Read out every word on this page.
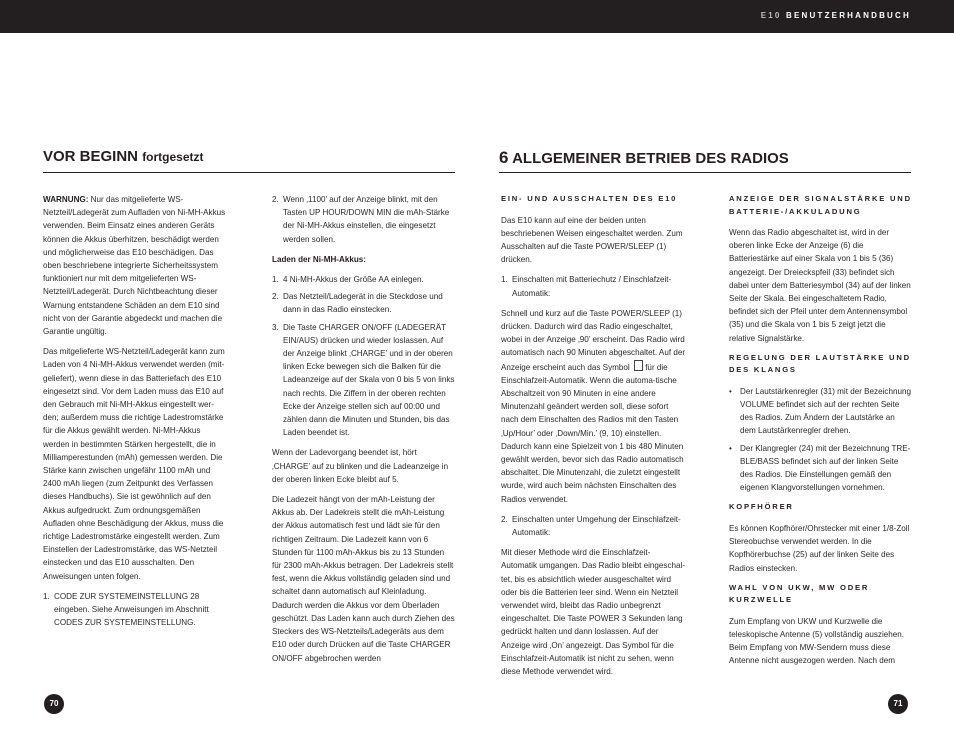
E10 BENUTZERHANDBUCH
VOR BEGINN fortgesetzt	6 ALLGEMEINER BETRIEB DES RADIOS

WARNUNG: Nur das mitgelieferte WS-Netzteil/Ladegerät zum Aufladen von Ni-MH-Akkus verwenden. Beim Einsatz eines anderen Geräts können die Akkus überhitzen, beschädigt werden und möglicherweise das E10 beschädigen. Das oben beschriebene integrierte Sicherheitssystem funktioniert nur mit dem mitgelieferten WS-Netzteil/Ladegerät. Durch Nichtbeachtung dieser Warnung entstandene Schäden an dem E10 sind nicht von der Garantie abgedeckt und machen die Garantie ungültig.

Das mitgelieferte WS-Netzteil/Ladegerät kann zum Laden von 4 Ni-MH-Akkus verwendet werden (mit-geliefert), wenn diese in das Batteriefach des E10 eingesetzt sind. Vor dem Laden muss das E10 auf den Gebrauch mit Ni-MH-Akkus eingestellt wer-den; außerdem muss die richtige Ladestromstärke für die Akkus gewählt werden. Ni-MH-Akkus werden in bestimmten Stärken hergestellt, die in Milliamperestunden (mAh) gemessen werden. Die Stärke kann zwischen ungefähr 1100 mAh und 2400 mAh liegen (zum Zeitpunkt des Verfassen dieses Handbuchs). Sie ist gewöhnlich auf den Akkus aufgedruckt. Zum ordnungsgemäßen Aufladen ohne Beschädigung der Akkus, muss die richtige Ladestromstärke eingestellt werden. Zum Einstellen der Ladestromstärke, das WS-Netzteil einstecken und das E10 ausschalten. Den Anweisungen unten folgen.

1. CODE ZUR SYSTEMEINSTELLUNG 28 eingeben. Siehe Anweisungen im Abschnitt CODES ZUR SYSTEMEINSTELLUNG.
2. Wenn ‚1100’ auf der Anzeige blinkt, mit den Tasten UP HOUR/DOWN MIN die mAh-Stärke der Ni-MH-Akkus einstellen, die eingesetzt werden sollen.

Laden der Ni-MH-Akkus:

1. 4 Ni-MH-Akkus der Größe AA einlegen.
2. Das Netzteil/Ladegerät in die Steckdose und dann in das Radio einstecken.
3. Die Taste CHARGER ON/OFF (LADEGERÄT EIN/AUS) drücken und wieder loslassen. Auf der Anzeige blinkt ‚CHARGE’ und in der oberen linken Ecke bewegen sich die Balken für die Ladeanzeige auf der Skala von 0 bis 5 von links nach rechts. Die Ziffern in der oberen rechten Ecke der Anzeige stellen sich auf 00:00 und zählen dann die Minuten und Stunden, bis das Laden beendet ist.

Wenn der Ladevorgang beendet ist, hört ‚CHARGE’ auf zu blinken und die Ladeanzeige in der oberen linken Ecke bleibt auf 5.

Die Ladezeit hängt von der mAh-Leistung der Akkus ab. Der Ladekreis stellt die mAh-Leistung der Akkus automatisch fest und lädt sie für den richtigen Zeitraum. Die Ladezeit kann von 6 Stunden für 1100 mAh-Akkus bis zu 13 Stunden für 2300 mAh-Akkus betragen. Der Ladekreis stellt fest, wenn die Akkus vollständig geladen sind und schaltet dann automatisch auf Kleinladung. Dadurch werden die Akkus vor dem Überladen geschützt. Das Laden kann auch durch Ziehen des Steckers des WS-Netzteils/Ladegeräts aus dem E10 oder durch Drücken auf die Taste CHARGER ON/OFF abgebrochen werden

EIN- UND AUSSCHALTEN DES E10

Das E10 kann auf eine der beiden unten beschriebenen Weisen eingeschaltet werden. Zum Ausschalten auf die Taste POWER/SLEEP (1) drücken.

1. Einschalten mit Batteriechutz / Einschlafzeit-Automatik:

Schnell und kurz auf die Taste POWER/SLEEP (1) drücken. Dadurch wird das Radio eingeschaltet, wobei in der Anzeige ‚90’ erscheint. Das Radio wird automatisch nach 90 Minuten abgeschaltet. Auf der Anzeige erscheint auch das Symbol für die Einschlafzeit-Automatik. Wenn die automa-tische Abschaltzeit von 90 Minuten in eine andere Minutenzahl geändert werden soll, diese sofort nach dem Einschalten des Radios mit den Tasten ‚Up/Hour’ oder ‚Down/Min.’ (9, 10) einstellen. Dadurch kann eine Spielzeit von 1 bis 480 Minuten gewählt werden, bevor sich das Radio automatisch abschaltet. Die Minutenzahl, die zuletzt eingestellt wurde, wird auch beim nächsten Einschalten des Radios verwendet.

2. Einschalten unter Umgehung der Einschlafzeit-Automatik:

Mit dieser Methode wird die Einschlafzeit-Automatik umgangen. Das Radio bleibt eingeschal-tet, bis es absichtlich wieder ausgeschaltet wird oder bis die Batterien leer sind. Wenn ein Netzteil verwendet wird, bleibt das Radio unbegrenzt eingeschaltet. Die Taste POWER 3 Sekunden lang gedrückt halten und dann loslassen. Auf der Anzeige wird ‚On’ angezeigt. Das Symbol für die Einschlafzeit-Automatik ist nicht zu sehen, wenn diese Methode verwendet wird.

ANZEIGE DER SIGNALSTÄRKE UND BATTERIE-/AKKULADUNG

Wenn das Radio abgeschaltet ist, wird in der oberen linke Ecke der Anzeige (6) die Batteriestärke auf einer Skala von 1 bis 5 (36) angezeigt. Der Dreieckspfeil (33) befindet sich dabei unter dem Batteriesymbol (34) auf der linken Seite der Skala. Bei eingeschaltetem Radio, befindet sich der Pfeil unter dem Antennensymbol (35) und die Skala von 1 bis 5 zeigt jetzt die relative Signalstärke.

REGELUNG DER LAUTSTÄRKE UND DES KLANGS
• Der Lautstärkenregler (31) mit der Bezeichnung VOLUME befindet sich auf der rechten Seite des Radios. Zum Ändern der Lautstärke an dem Lautstärkenregler drehen.
• Der Klangregler (24) mit der Bezeichnung TRE-BLE/BASS befindet sich auf der linken Seite des Radios. Die Einstellungen gemäß den eigenen Klangvorstellungen vornehmen.
KOPFHÖRER

Es können Kopfhörer/Ohrstecker mit einer 1/8-Zoll Stereobuchse verwendet werden. In die Kopfhörerbuchse (25) auf der linken Seite des Radios einstecken.

WAHL VON UKW, MW ODER KURZWELLE

Zum Empfang von UKW und Kurzwelle die teleskopische Antenne (5) vollständig ausziehen. Beim Empfang von MW-Sendern muss diese Antenne nicht ausgezogen werden. Nach dem

70	71
